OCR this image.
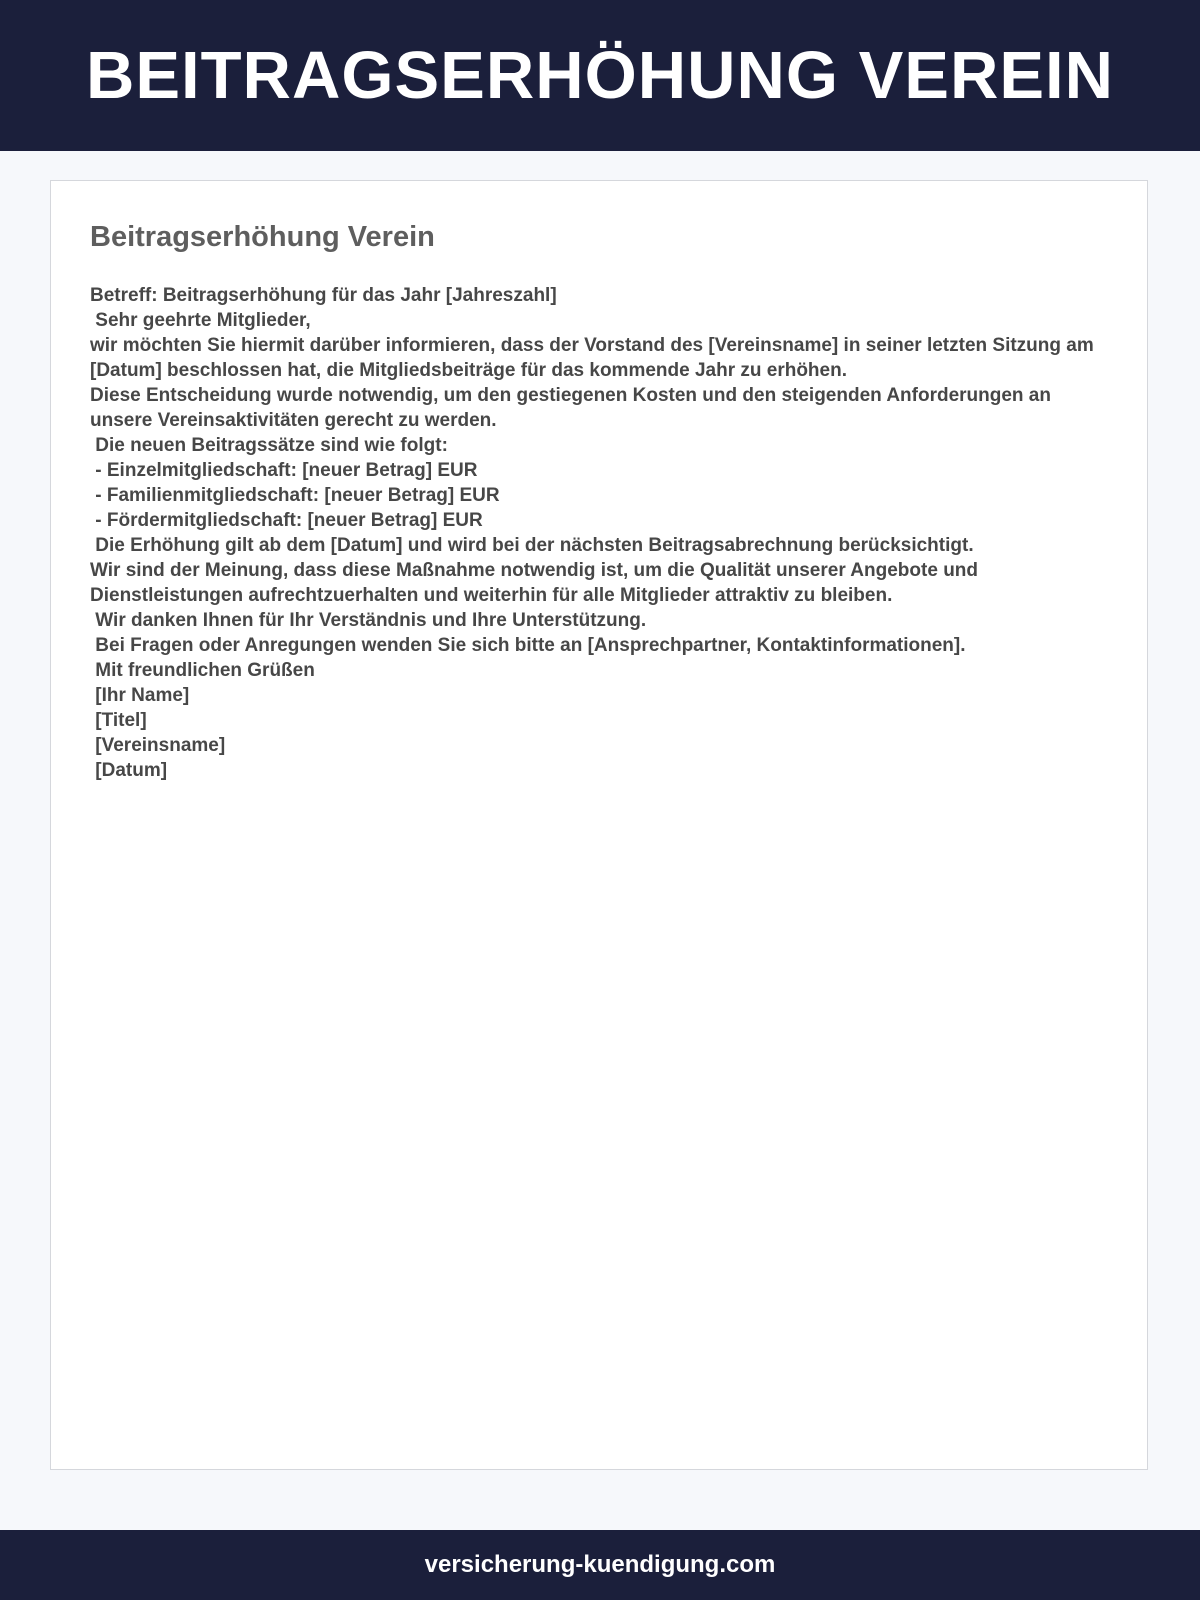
BEITRAGSERHÖHUNG VEREIN
Beitragserhöhung Verein
Betreff: Beitragserhöhung für das Jahr [Jahreszahl]
Sehr geehrte Mitglieder,
wir möchten Sie hiermit darüber informieren, dass der Vorstand des [Vereinsname] in seiner letzten Sitzung am [Datum] beschlossen hat, die Mitgliedsbeiträge für das kommende Jahr zu erhöhen.
Diese Entscheidung wurde notwendig, um den gestiegenen Kosten und den steigenden Anforderungen an unsere Vereinsaktivitäten gerecht zu werden.
Die neuen Beitragssätze sind wie folgt:
- Einzelmitgliedschaft: [neuer Betrag] EUR
- Familienmitgliedschaft: [neuer Betrag] EUR
- Fördermitgliedschaft: [neuer Betrag] EUR
Die Erhöhung gilt ab dem [Datum] und wird bei der nächsten Beitragsabrechnung berücksichtigt.
Wir sind der Meinung, dass diese Maßnahme notwendig ist, um die Qualität unserer Angebote und Dienstleistungen aufrechtzuerhalten und weiterhin für alle Mitglieder attraktiv zu bleiben.
Wir danken Ihnen für Ihr Verständnis und Ihre Unterstützung.
Bei Fragen oder Anregungen wenden Sie sich bitte an [Ansprechpartner, Kontaktinformationen].
Mit freundlichen Grüßen
[Ihr Name]
[Titel]
[Vereinsname]
[Datum]
versicherung-kuendigung.com
